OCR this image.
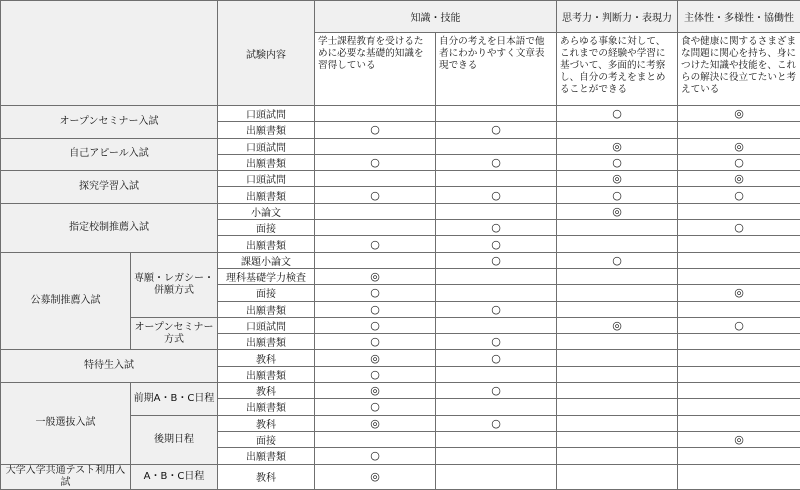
		試験内容	知識・技能		思考力・判断力・表現力	主体性・多様性・協働性
			学士課程教育を受けるために必要な基礎的知識を習得している	自分の考えを日本語で他者にわかりやすく文章表現できる	あらゆる事象に対して、これまでの経験や学習に基づいて、多面的に考察し、自分の考えをまとめることができる	食や健康に関するさまざまな問題に関心を持ち、身につけた知識や技能を、これらの解決に役立てたいと考えている
オープンセミナー入試		口頭試問			○	◎
		出願書類	○	○		
自己アピール入試		口頭試問			◎	◎
		出願書類	○	○	○	○
探究学習入試		口頭試問			◎	◎
		出願書類	○	○	○	○
指定校制推薦入試		小論文			◎	
		面接		○		○
		出願書類	○	○		
公募制推薦入試	専願・レガシー・併願方式	課題小論文		○	○	
		理科基礎学力検査	◎			
		面接	○			◎
		出願書類	○	○		
	オープンセミナー方式	口頭試問	○		◎	○
		出願書類	○	○		
特待生入試		教科	◎	○		
		出願書類	○			
一般選抜入試	前期A・B・C日程	教科	◎	○		
		出願書類	○			
	後期日程	教科	◎	○		
		面接				◎
		出願書類	○			
大学入学共通テスト利用入試	A・B・C日程	教科	◎			
